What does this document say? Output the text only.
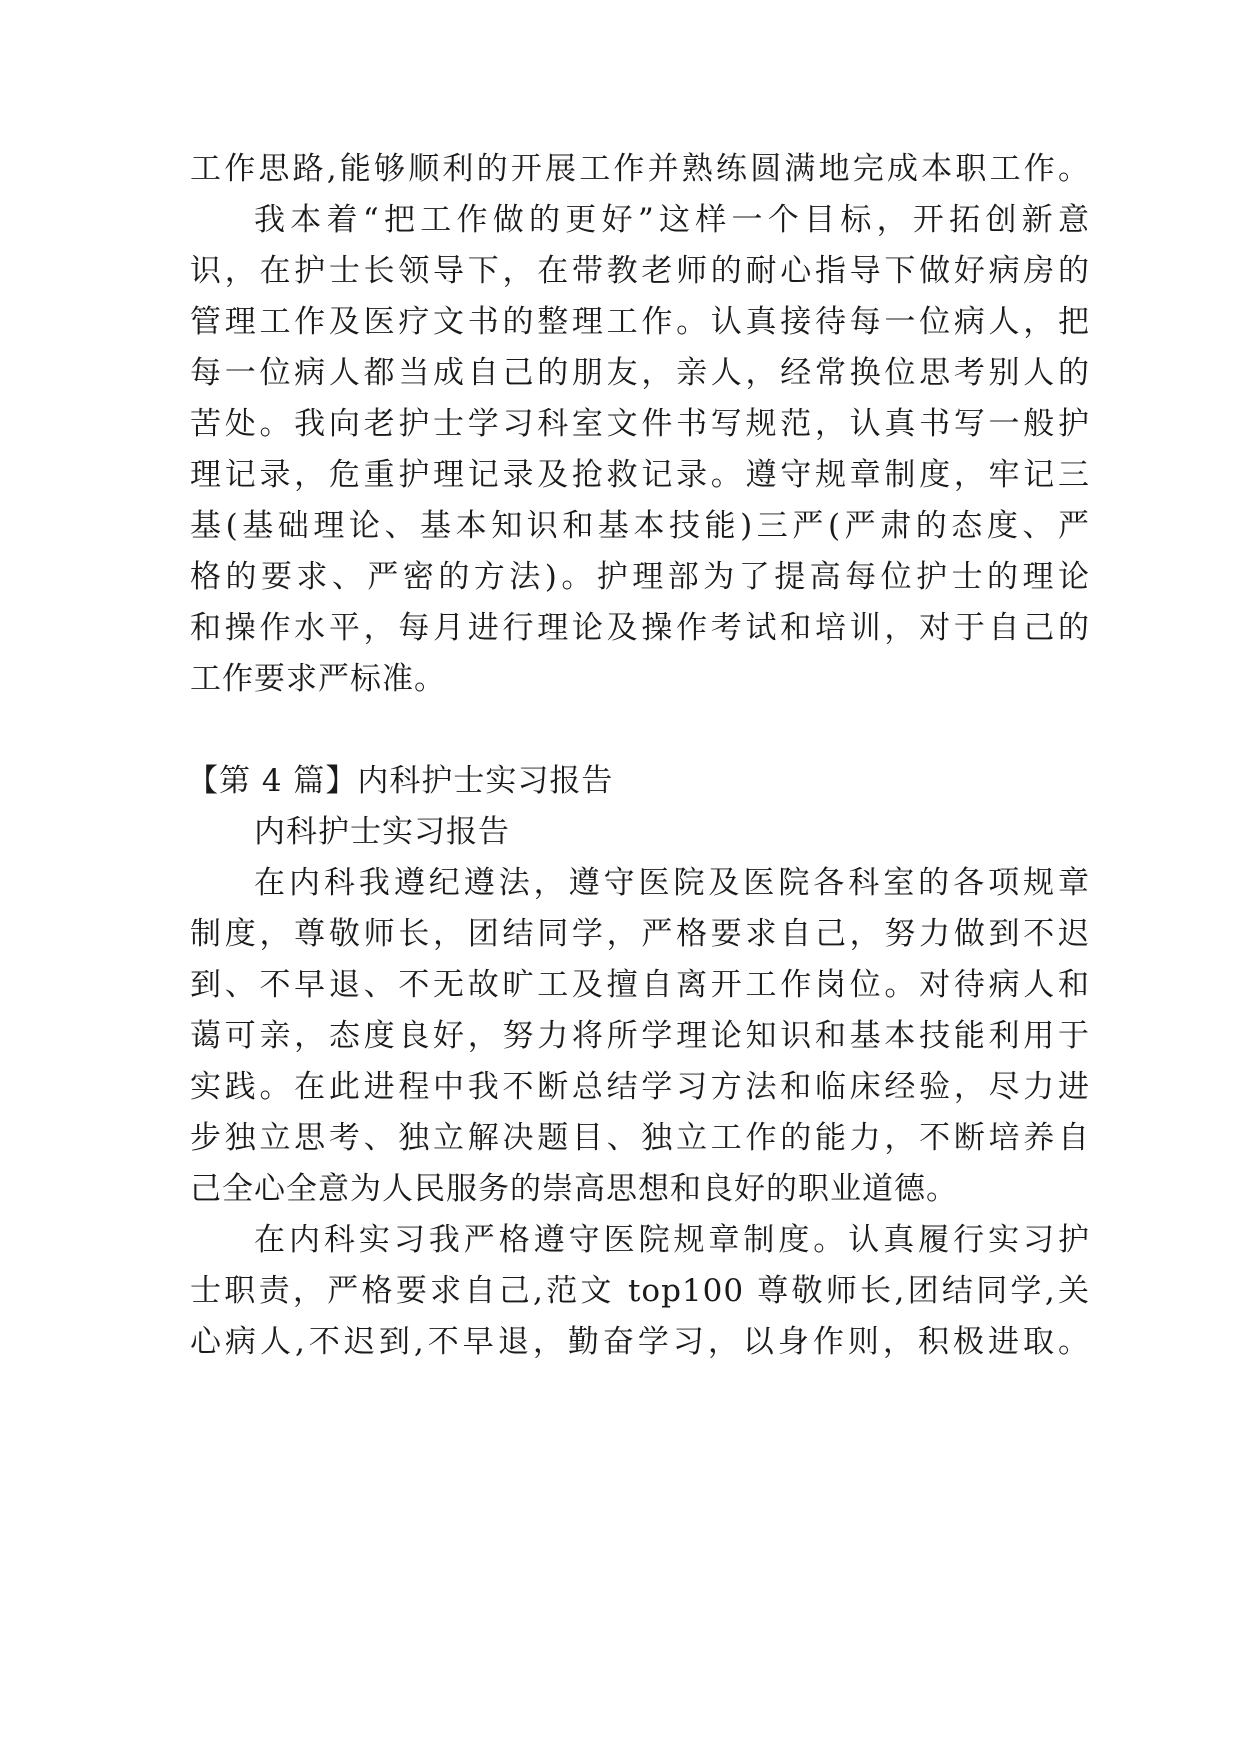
工作思路,能够顺利的开展工作并熟练圆满地完成本职工作。
我本着“把工作做的更好”这样一个目标，开拓创新意
识，在护士长领导下，在带教老师的耐心指导下做好病房的
管理工作及医疗文书的整理工作。认真接待每一位病人，把
每一位病人都当成自己的朋友，亲人，经常换位思考别人的
苦处。我向老护士学习科室文件书写规范，认真书写一般护
理记录，危重护理记录及抢救记录。遵守规章制度，牢记三
基(基础理论、基本知识和基本技能)三严(严肃的态度、严
格的要求、严密的方法)。护理部为了提高每位护士的理论
和操作水平，每月进行理论及操作考试和培训，对于自己的
工作要求严标准。
【第 4 篇】内科护士实习报告
内科护士实习报告
在内科我遵纪遵法，遵守医院及医院各科室的各项规章
制度，尊敬师长，团结同学，严格要求自己，努力做到不迟
到、不早退、不无故旷工及擅自离开工作岗位。对待病人和
蔼可亲，态度良好，努力将所学理论知识和基本技能利用于
实践。在此进程中我不断总结学习方法和临床经验，尽力进
步独立思考、独立解决题目、独立工作的能力，不断培养自
己全心全意为人民服务的崇高思想和良好的职业道德。
在内科实习我严格遵守医院规章制度。认真履行实习护
士职责，严格要求自己,范文 top100 尊敬师长,团结同学,关
心病人,不迟到,不早退，勤奋学习，以身作则，积极进取。
